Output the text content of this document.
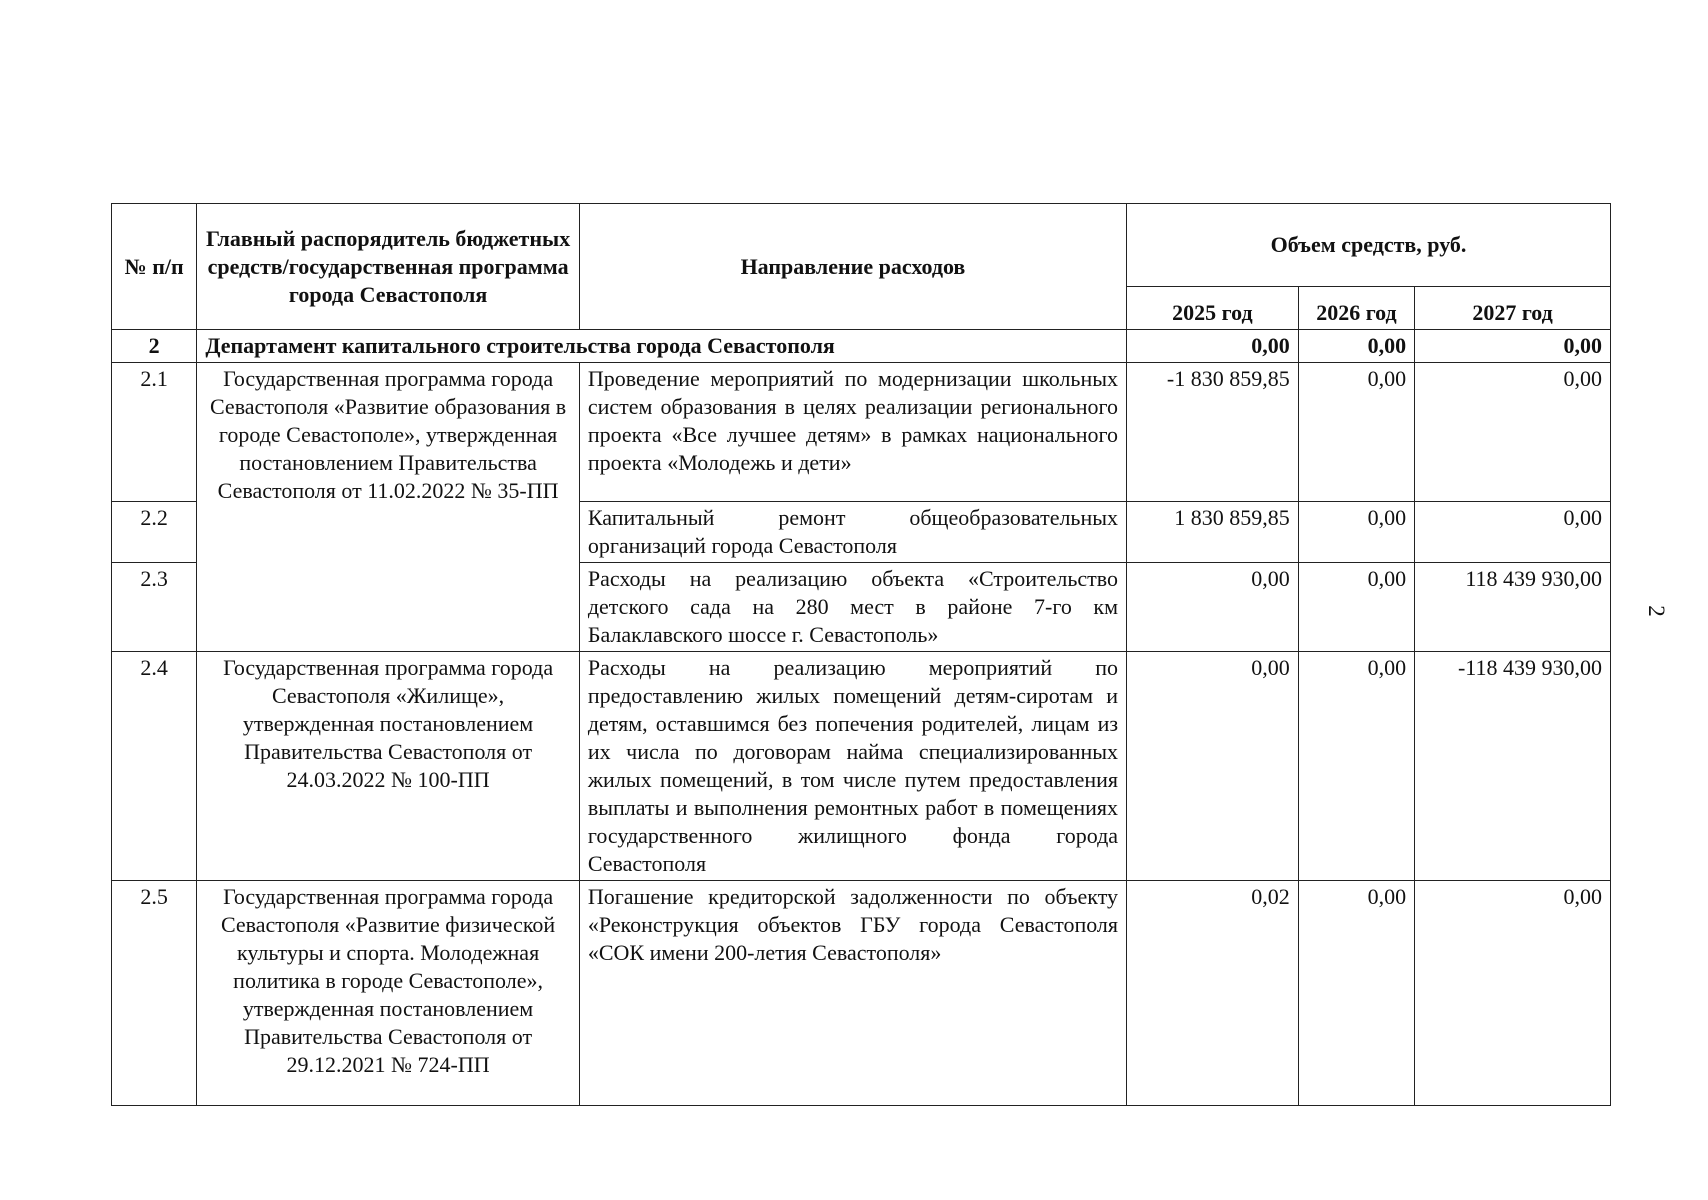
2
№ п/п	Главный распорядитель бюджетных средств/государственная программа города Севастополя	Направление расходов	Объем средств, руб.		
			2025 год	2026 год	2027 год
2	Департамент капитального строительства города Севастополя		0,00	0,00	0,00
2.1	Государственная программа города Севастополя «Развитие образования в городе Севастополе», утвержденная постановлением Правительства Севастополя от 11.02.2022 № 35-ПП	Проведение мероприятий по модернизации школьных систем образования в целях реализации регионального проекта «Все лучшее детям» в рамках национального проекта «Молодежь и дети»	-1 830 859,85	0,00	0,00
2.2		Капитальный ремонт общеобразовательных организаций города Севастополя	1 830 859,85	0,00	0,00
2.3		Расходы на реализацию объекта «Строительство детского сада на 280 мест в районе 7-го км Балаклавского шоссе г. Севастополь»	0,00	0,00	118 439 930,00
2.4	Государственная программа города Севастополя «Жилище», утвержденная постановлением Правительства Севастополя от 24.03.2022 № 100-ПП	Расходы на реализацию мероприятий по предоставлению жилых помещений детям-сиротам и детям, оставшимся без попечения родителей, лицам из их числа по договорам найма специализированных жилых помещений, в том числе путем предоставления выплаты и выполнения ремонтных работ в помещениях государственного жилищного фонда города Севастополя	0,00	0,00	-118 439 930,00
2.5	Государственная программа города Севастополя «Развитие физической культуры и спорта. Молодежная политика в городе Севастополе», утвержденная постановлением Правительства Севастополя от 29.12.2021 № 724-ПП	Погашение кредиторской задолженности по объекту «Реконструкция объектов ГБУ города Севастополя «СОК имени 200-летия Севастополя»	0,02	0,00	0,00
